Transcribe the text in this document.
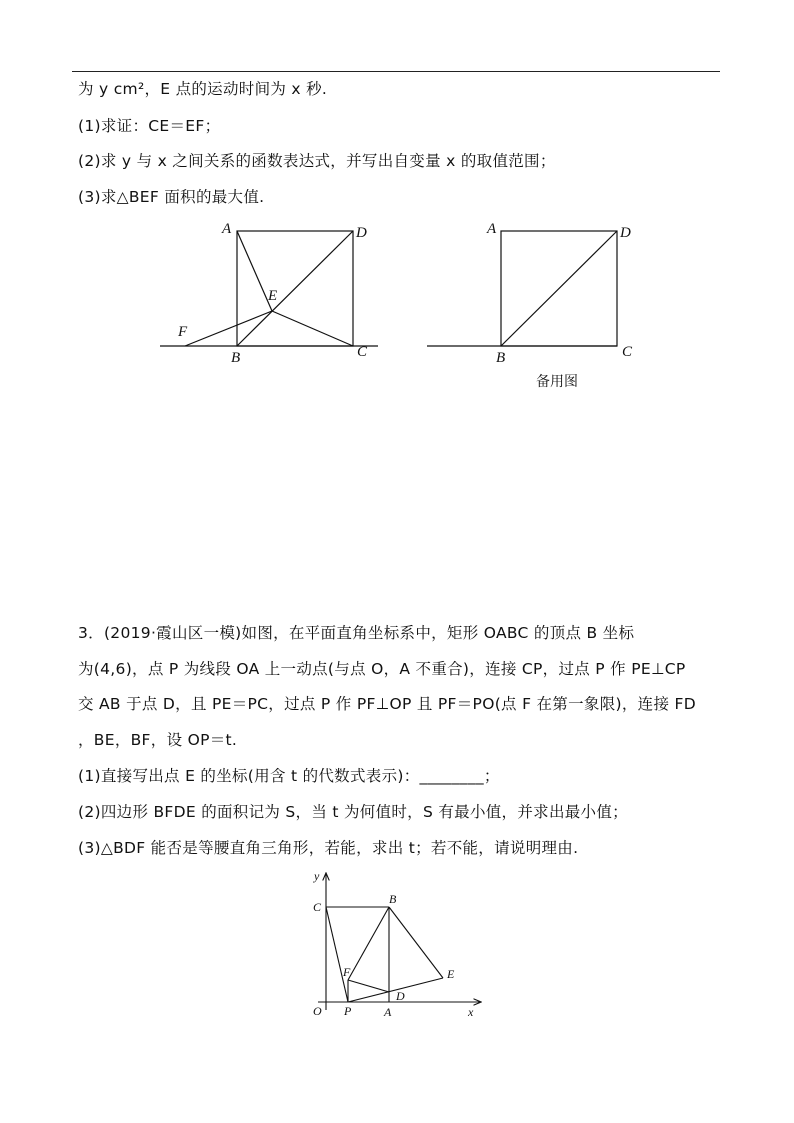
为 y cm²，E 点的运动时间为 x 秒.
(1)求证：CE＝EF；
(2)求 y 与 x 之间关系的函数表达式，并写出自变量 x 的取值范围；
(3)求△BEF 面积的最大值.
A	D
E
F
B	C
A	D
B	C
备用图
3．(2019·霞山区一模)如图，在平面直角坐标系中，矩形 OABC 的顶点 B 坐标
为(4,6)，点 P 为线段 OA 上一动点(与点 O，A 不重合)，连接 CP，过点 P 作 PE⊥CP
交 AB 于点 D，且 PE＝PC，过点 P 作 PF⊥OP 且 PF＝PO(点 F 在第一象限)，连接 FD
，BE，BF，设 OP＝t.
(1)直接写出点 E 的坐标(用含 t 的代数式表示)：________；
(2)四边形 BFDE 的面积记为 S，当 t 为何值时，S 有最小值，并求出最小值；
(3)△BDF 能否是等腰直角三角形，若能，求出 t；若不能，请说明理由.
y
x
O
C
B
F	E
P	A
D
